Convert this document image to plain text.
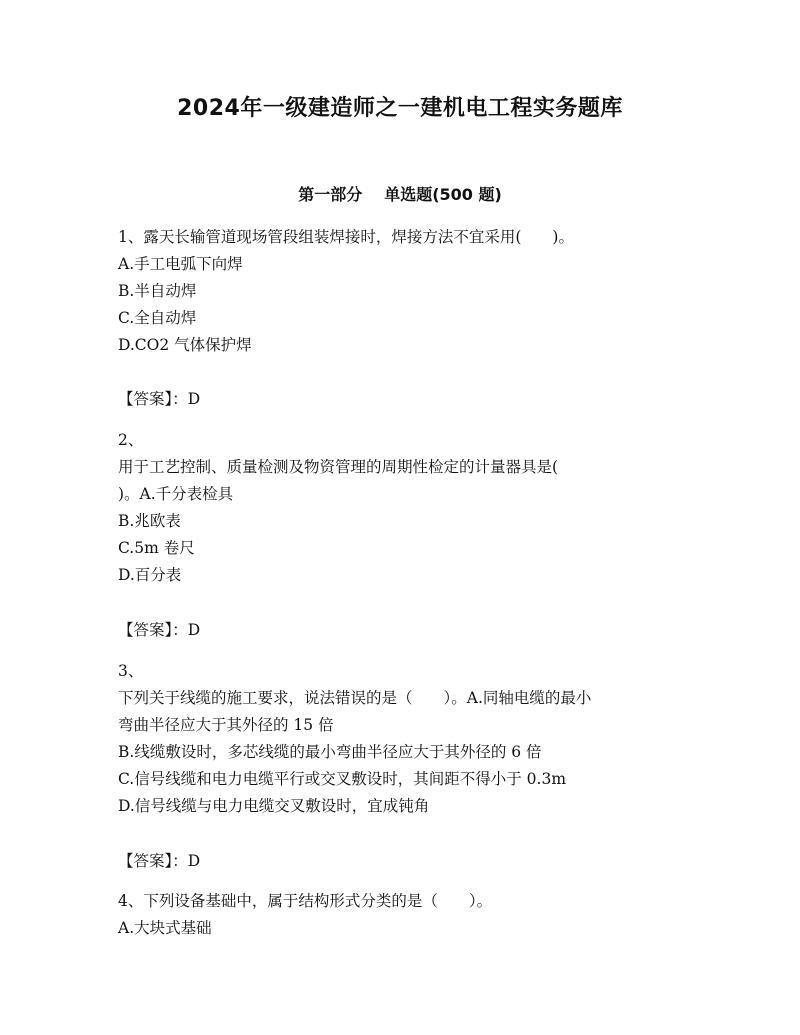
2024年一级建造师之一建机电工程实务题库
第一部分 单选题(500 题)
1、露天长输管道现场管段组装焊接时，焊接方法不宜采用(　　)。
A.手工电弧下向焊
B.半自动焊
C.全自动焊
D.CO2 气体保护焊
【答案】：D
2、
用于工艺控制、质量检测及物资管理的周期性检定的计量器具是(
)。A.千分表检具
B.兆欧表
C.5m 卷尺
D.百分表
【答案】：D
3、
下列关于线缆的施工要求，说法错误的是（　　）。A.同轴电缆的最小
弯曲半径应大于其外径的 15 倍
B.线缆敷设时，多芯线缆的最小弯曲半径应大于其外径的 6 倍
C.信号线缆和电力电缆平行或交叉敷设时，其间距不得小于 0.3m
D.信号线缆与电力电缆交叉敷设时，宜成钝角
【答案】：D
4、下列设备基础中，属于结构形式分类的是（　　）。
A.大块式基础
